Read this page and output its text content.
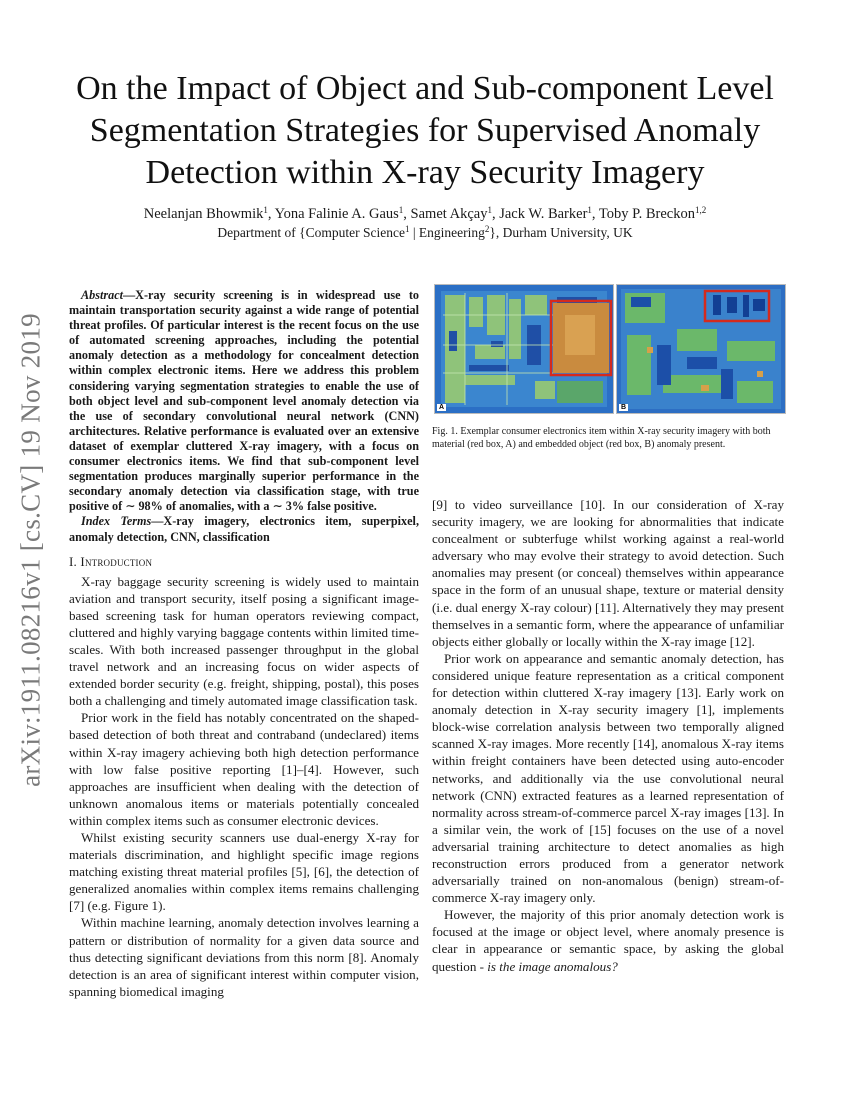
arXiv:1911.08216v1 [cs.CV] 19 Nov 2019
On the Impact of Object and Sub-component Level Segmentation Strategies for Supervised Anomaly Detection within X-ray Security Imagery
Neelanjan Bhowmik$^1$, Yona Falinie A. Gaus$^1$, Samet Akçay$^1$, Jack W. Barker$^1$, Toby P. Breckon$^{1,2}$
Department of {Computer Science$^1$ | Engineering$^2$}, Durham University, UK

Abstract—X-ray security screening is in widespread use to maintain transportation security against a wide range of potential threat profiles. Of particular interest is the recent focus on the use of automated screening approaches, including the potential anomaly detection as a methodology for concealment detection within complex electronic items. Here we address this problem considering varying segmentation strategies to enable the use of both object level and sub-component level anomaly detection via the use of secondary convolutional neural network (CNN) architectures. Relative performance is evaluated over an extensive dataset of exemplar cluttered X-ray imagery, with a focus on consumer electronics items. We find that sub-component level segmentation produces marginally superior performance in the secondary anomaly detection via classification stage, with true positive of ∼ 98% of anomalies, with a ∼ 3% false positive.

Index Terms—X-ray imagery, electronics item, superpixel, anomaly detection, CNN, classification

I. Introduction

X-ray baggage security screening is widely used to maintain aviation and transport security, itself posing a significant image-based screening task for human operators reviewing compact, cluttered and highly varying baggage contents within limited time-scales. With both increased passenger throughput in the global travel network and an increasing focus on wider aspects of extended border security (e.g. freight, shipping, postal), this poses both a challenging and timely automated image classification task.

Prior work in the field has notably concentrated on the shaped-based detection of both threat and contraband (undeclared) items within X-ray imagery achieving both high detection performance with low false positive reporting [1]–[4]. However, such approaches are insufficient when dealing with the detection of unknown anomalous items or materials potentially concealed within complex items such as consumer electronic devices.

Whilst existing security scanners use dual-energy X-ray for materials discrimination, and highlight specific image regions matching existing threat material profiles [5], [6], the detection of generalized anomalies within complex items remains challenging [7] (e.g. Figure 1).

Within machine learning, anomaly detection involves learning a pattern or distribution of normality for a given data source and thus detecting significant deviations from this norm [8]. Anomaly detection is an area of significant interest within computer vision, spanning biomedical imaging

A	B
Fig. 1. Exemplar consumer electronics item within X-ray security imagery with both material (red box, A) and embedded object (red box, B) anomaly present.

[9] to video surveillance [10]. In our consideration of X-ray security imagery, we are looking for abnormalities that indicate concealment or subterfuge whilst working against a real-world adversary who may evolve their strategy to avoid detection. Such anomalies may present (or conceal) themselves within appearance space in the form of an unusual shape, texture or material density (i.e. dual energy X-ray colour) [11]. Alternatively they may present themselves in a semantic form, where the appearance of unfamiliar objects either globally or locally within the X-ray image [12].

Prior work on appearance and semantic anomaly detection, has considered unique feature representation as a critical component for detection within cluttered X-ray imagery [13]. Early work on anomaly detection in X-ray security imagery [1], implements block-wise correlation analysis between two temporally aligned scanned X-ray images. More recently [14], anomalous X-ray items within freight containers have been detected using auto-encoder networks, and additionally via the use convolutional neural network (CNN) extracted features as a learned representation of normality across stream-of-commerce parcel X-ray images [13]. In a similar vein, the work of [15] focuses on the use of a novel adversarial training architecture to detect anomalies as high reconstruction errors produced from a generator network adversarially trained on non-anomalous (benign) stream-of-commerce X-ray imagery only.

However, the majority of this prior anomaly detection work is focused at the image or object level, where anomaly presence is clear in appearance or semantic space, by asking the global question - is the image anomalous?
